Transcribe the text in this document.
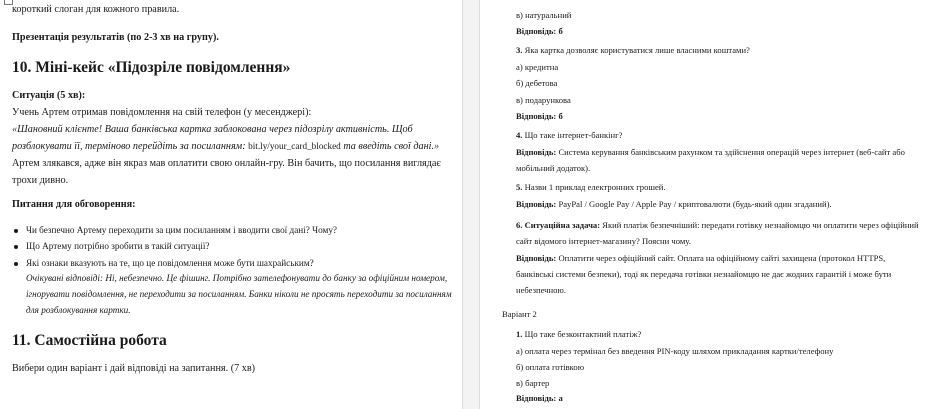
короткий слоган для кожного правила.
Презентація результатів (по 2-3 хв на групу).
10. Міні-кейс «Підозріле повідомлення»
Ситуація (5 хв):
Учень Артем отримав повідомлення на свій телефон (у месенджері):
«Шановний клієнте! Ваша банківська картка заблокована через підозрілу активність. Щоб
розблокувати її, терміново перейдіть за посиланням: bit.ly/your_card_blocked та введіть свої дані.»
Артем злякався, адже він якраз мав оплатити свою онлайн-гру. Він бачить, що посилання виглядає
трохи дивно.
Питання для обговорення:
Чи безпечно Артему переходити за цим посиланням і вводити свої дані? Чому?
Що Артему потрібно зробити в такій ситуації?
Які ознаки вказують на те, що це повідомлення може бути шахрайським?
Очікувані відповіді: Ні, небезпечно. Це фішинг. Потрібно зателефонувати до банку за офіційним номером,
ігнорувати повідомлення, не переходити за посиланням. Банки ніколи не просять переходити за посиланням
для розблокування картки.
11. Самостійна робота
Вибери один варіант і дай відповіді на запитання. (7 хв)
в) натуральний
Відповідь: б
3. Яка картка дозволяє користуватися лише власними коштами?
а) кредитна
б) дебетова
в) подарункова
Відповідь: б
4. Що таке інтернет-банкінг?
Відповідь: Система керування банківським рахунком та здійснення операцій через інтернет (веб-сайт або
мобільний додаток).
5. Назви 1 приклад електронних грошей.
Відповідь: PayPal / Google Pay / Apple Pay / криптовалюти (будь-який один згаданий).
6. Ситуаційна задача: Який платіж безпечніший: передати готівку незнайомцю чи оплатити через офіційний
сайт відомого інтернет-магазину? Поясни чому.
Відповідь: Оплатити через офіційний сайт. Оплата на офіційному сайті захищена (протокол HTTPS,
банківські системи безпеки), тоді як передача готівки незнайомцю не дає жодних гарантій і може бути
небезпечною.
Варіант 2
1. Що таке безконтактний платіж?
а) оплата через термінал без введення PIN-коду шляхом прикладання картки/телефону
б) оплата готівкою
в) бартер
Відповідь: а
